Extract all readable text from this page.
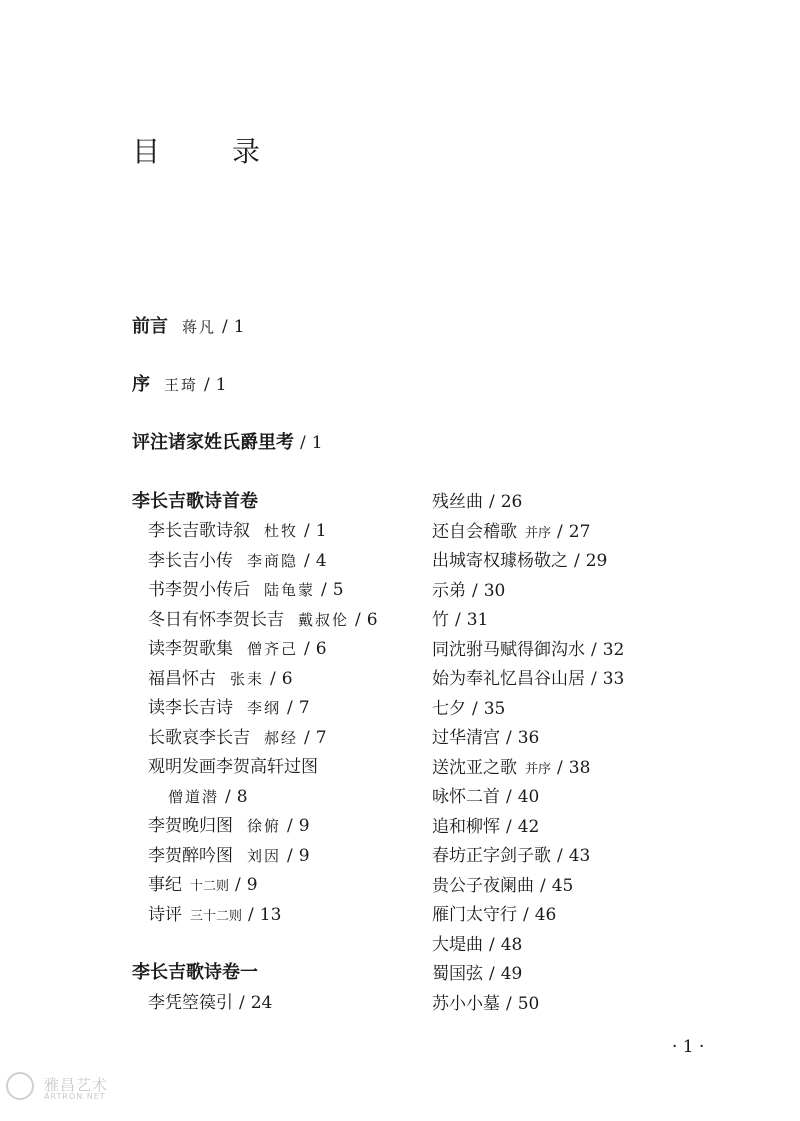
目　录
前言 蒋凡 / 1
序 王琦 / 1
评注诸家姓氏爵里考 / 1
李长吉歌诗首卷
李长吉歌诗叙 杜牧 / 1
李长吉小传 李商隐 / 4
书李贺小传后 陆龟蒙 / 5
冬日有怀李贺长吉 戴叔伦 / 6
读李贺歌集 僧齐己 / 6
福昌怀古 张耒 / 6
读李长吉诗 李纲 / 7
长歌哀李长吉 郝经 / 7
观明发画李贺高轩过图
僧道潜 / 8
李贺晚归图 徐俯 / 9
李贺醉吟图 刘因 / 9
事纪 十二则 / 9
诗评 三十二则 / 13
李长吉歌诗卷一
李凭箜篌引 / 24
残丝曲 / 26
还自会稽歌 并序 / 27
出城寄权璩杨敬之 / 29
示弟 / 30
竹 / 31
同沈驸马赋得御沟水 / 32
始为奉礼忆昌谷山居 / 33
七夕 / 35
过华清宫 / 36
送沈亚之歌 并序 / 38
咏怀二首 / 40
追和柳恽 / 42
春坊正字剑子歌 / 43
贵公子夜阑曲 / 45
雁门太守行 / 46
大堤曲 / 48
蜀国弦 / 49
苏小小墓 / 50
· 1 ·
雅昌艺术
ARTRON.NET
